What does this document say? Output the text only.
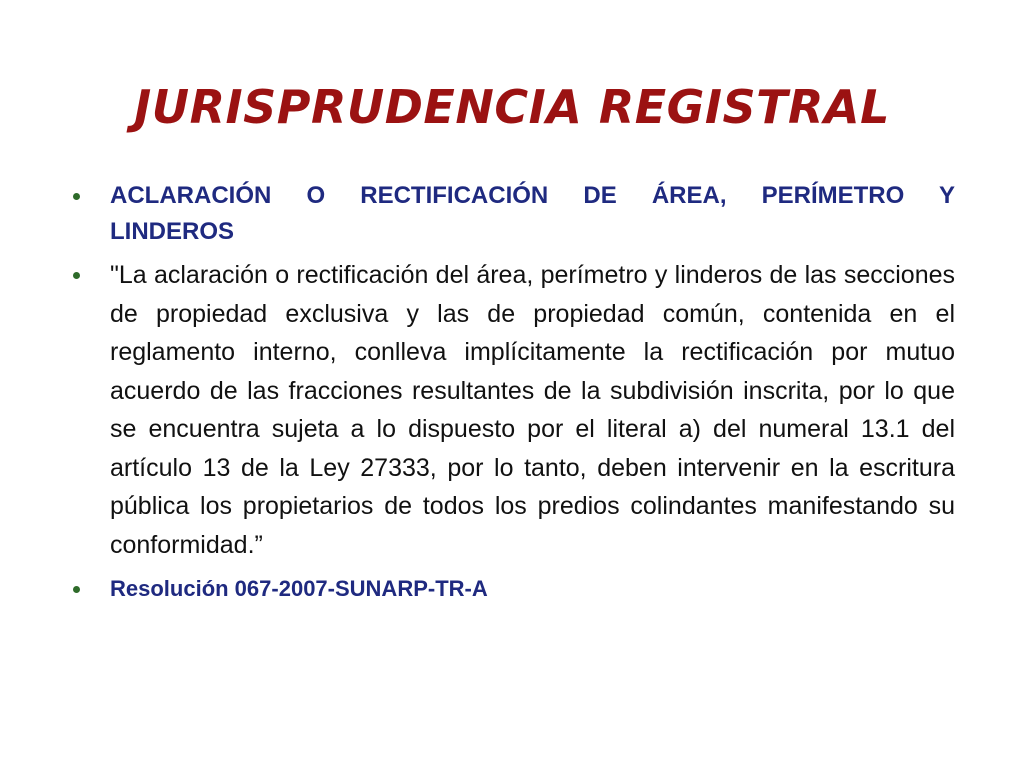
JURISPRUDENCIA REGISTRAL
ACLARACIÓN O RECTIFICACIÓN DE ÁREA, PERÍMETRO Y
LINDEROS
"La aclaración o rectificación del área, perímetro y linderos de las secciones de propiedad exclusiva y las de propiedad común, contenida en el reglamento interno, conlleva implícitamente la rectificación por mutuo acuerdo de las fracciones resultantes de la subdivisión inscrita, por lo que se encuentra sujeta a lo dispuesto por el literal a) del numeral 13.1 del artículo 13 de la Ley 27333, por lo tanto, deben intervenir en la escritura pública los propietarios de todos los predios colindantes manifestando su conformidad.”
Resolución 067-2007-SUNARP-TR-A
